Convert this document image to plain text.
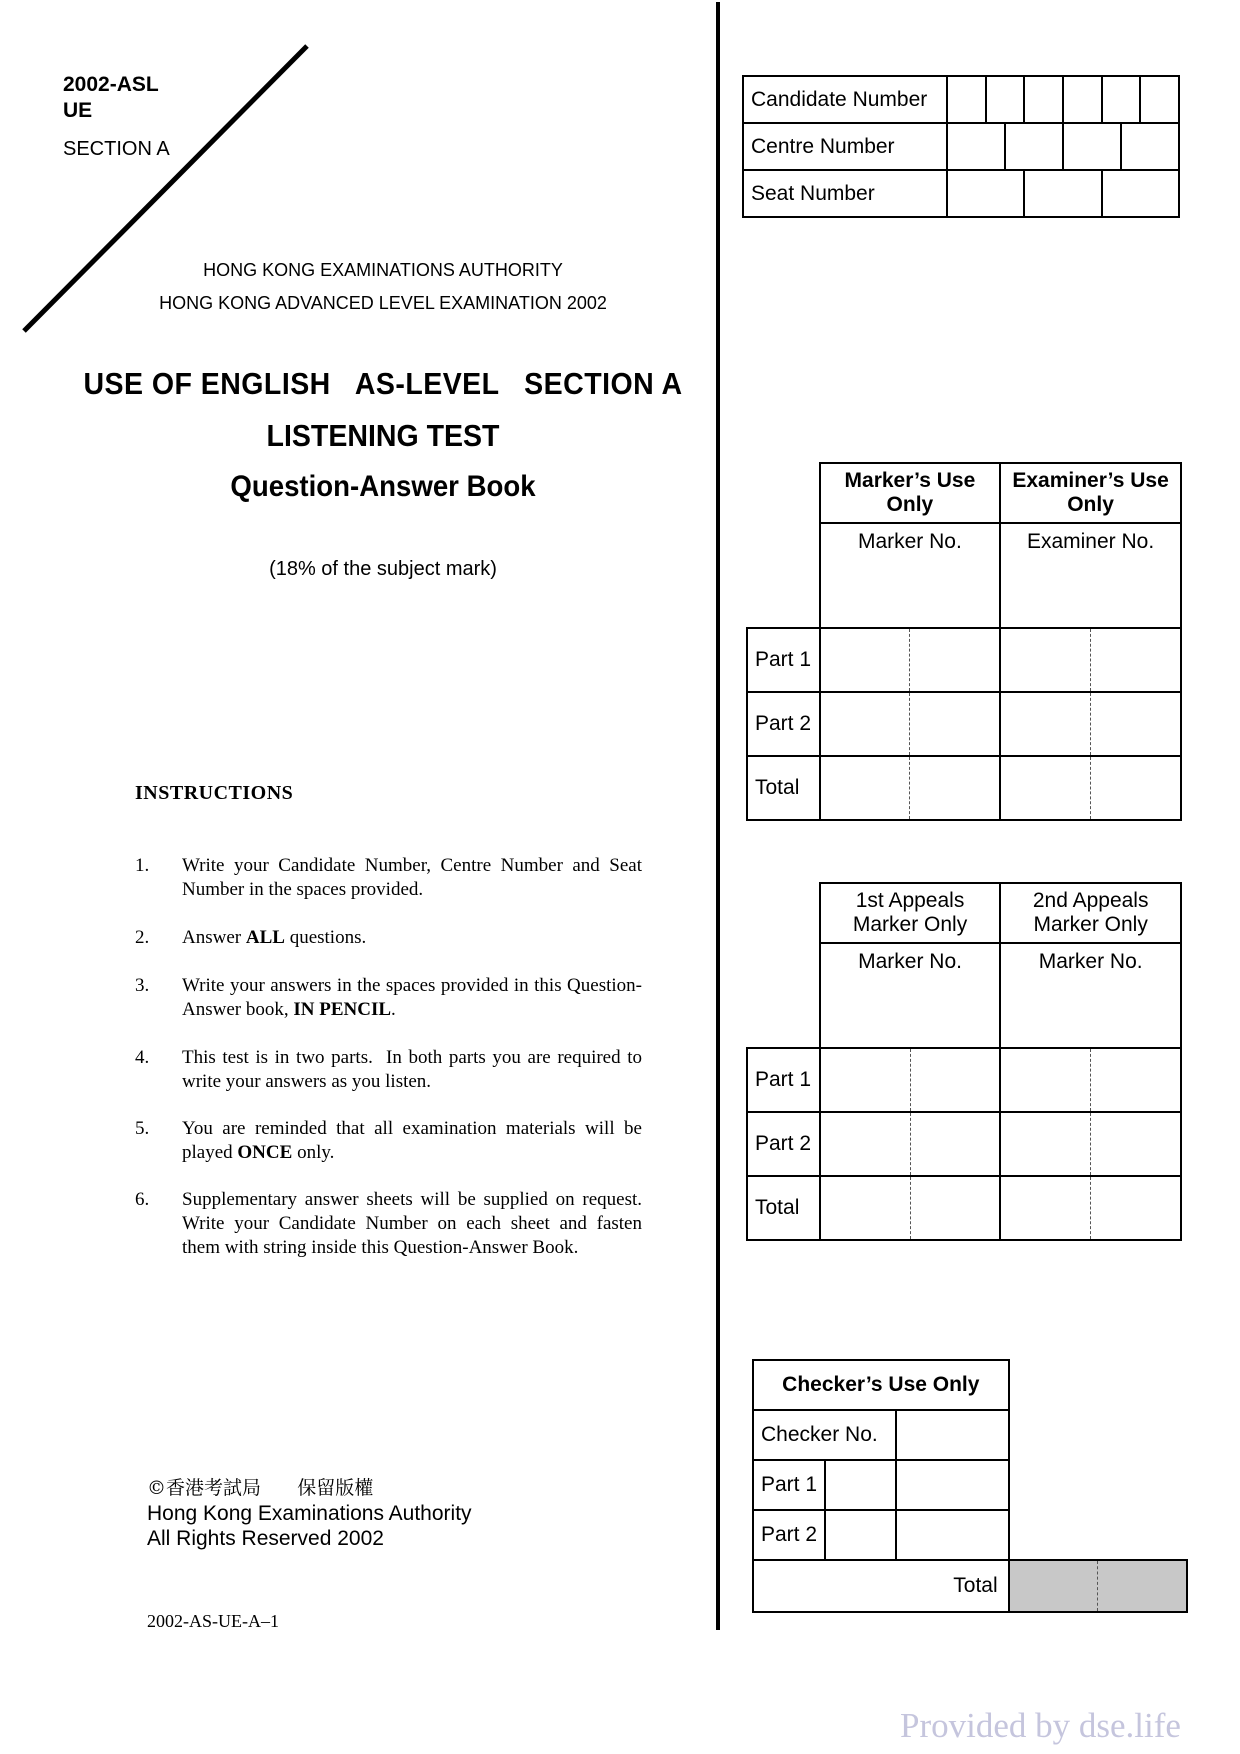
2002-ASL
UE
SECTION A
HONG KONG EXAMINATIONS AUTHORITY
HONG KONG ADVANCED LEVEL EXAMINATION 2002
USE OF ENGLISH   AS-LEVEL   SECTION A
LISTENING TEST
Question-Answer Book
(18% of the subject mark)
INSTRUCTIONS
1. Write your Candidate Number, Centre Number and Seat Number in the spaces provided.
2. Answer ALL questions.
3. Write your answers in the spaces provided in this Question-Answer book, IN PENCIL.
4. This test is in two parts.  In both parts you are required to write your answers as you listen.
5. You are reminded that all examination materials will be played ONCE only.
6. Supplementary answer sheets will be supplied on request. Write your Candidate Number on each sheet and fasten them with string inside this Question-Answer Book.
©香港考試局      保留版權
Hong Kong Examinations Authority
All Rights Reserved 2002
2002-AS-UE-A–1
Provided by dse.life
Candidate Number						
Centre Number						

Seat Number						
	Marker’s Use Only		Examiner’s Use Only	
	Marker No.		Examiner No.	
Part 1				
Part 2				
Total				
	1st Appeals Marker Only		2nd Appeals Marker Only	
	Marker No.		Marker No.	
Part 1				
Part 2				
Total				
Checker’s Use Only				
Checker No.				
Part 1				
Part 2				
Total				
